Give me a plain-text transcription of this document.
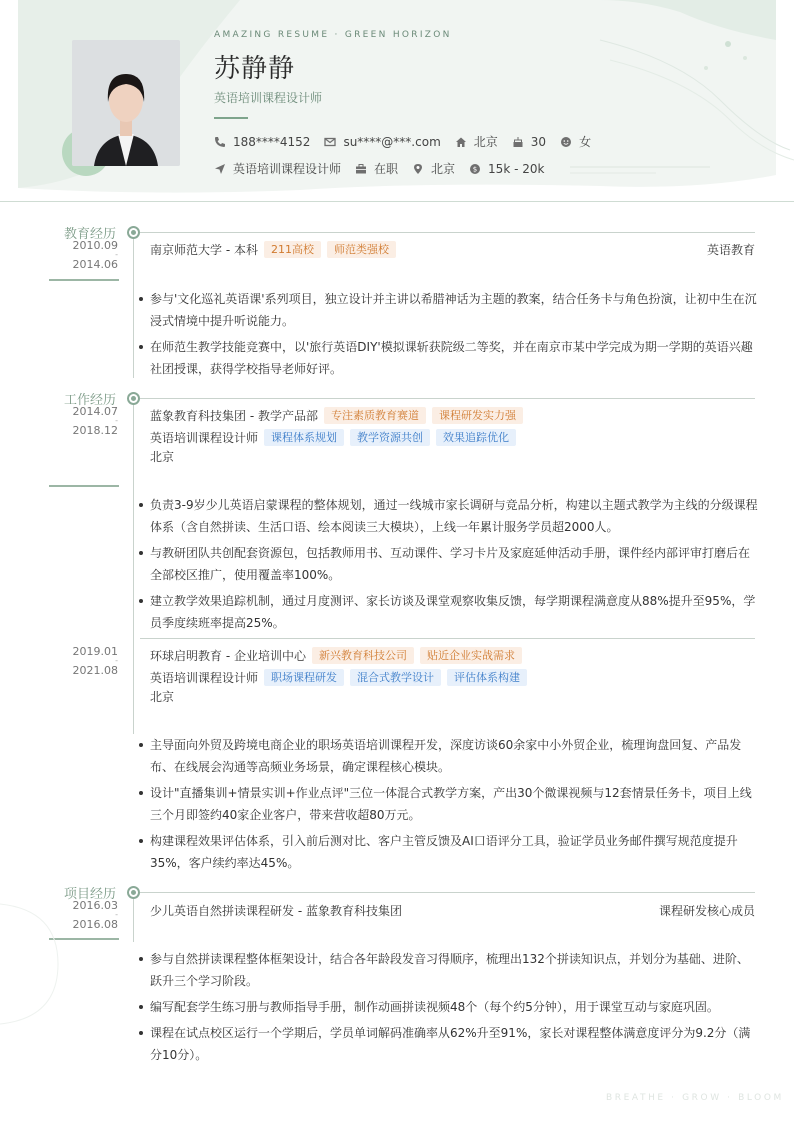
AMAZING RESUME · GREEN HORIZON
苏静静
英语培训课程设计师
188****4152	su****@***.com	北京	30	女
英语培训课程设计师	在职	北京	$ 15k - 20k
教育经历
2010.09
-
2014.06
南京师范大学 - 本科	211高校	师范类强校	英语教育
参与'文化巡礼英语课'系列项目，独立设计并主讲以希腊神话为主题的教案，结合任务卡与角色扮演，让初中生在沉浸式情境中提升听说能力。
在师范生教学技能竞赛中，以'旅行英语DIY'模拟课斩获院级二等奖，并在南京市某中学完成为期一学期的英语兴趣社团授课，获得学校指导老师好评。
工作经历
2014.07
-
2018.12
蓝象教育科技集团 - 教学产品部	专注素质教育赛道	课程研发实力强
英语培训课程设计师	课程体系规划	教学资源共创	效果追踪优化
北京
负责3-9岁少儿英语启蒙课程的整体规划，通过一线城市家长调研与竞品分析，构建以主题式教学为主线的分级课程体系（含自然拼读、生活口语、绘本阅读三大模块），上线一年累计服务学员超2000人。
与教研团队共创配套资源包，包括教师用书、互动课件、学习卡片及家庭延伸活动手册，课件经内部评审打磨后在全部校区推广，使用覆盖率100%。
建立教学效果追踪机制，通过月度测评、家长访谈及课堂观察收集反馈，每学期课程满意度从88%提升至95%，学员季度续班率提高25%。
2019.01
-
2021.08
环球启明教育 - 企业培训中心	新兴教育科技公司	贴近企业实战需求
英语培训课程设计师	职场课程研发	混合式教学设计	评估体系构建
北京
主导面向外贸及跨境电商企业的职场英语培训课程开发，深度访谈60余家中小外贸企业，梳理询盘回复、产品发布、在线展会沟通等高频业务场景，确定课程核心模块。
设计"直播集训+情景实训+作业点评"三位一体混合式教学方案，产出30个微课视频与12套情景任务卡，项目上线三个月即签约40家企业客户，带来营收超80万元。
构建课程效果评估体系，引入前后测对比、客户主管反馈及AI口语评分工具，验证学员业务邮件撰写规范度提升35%，客户续约率达45%。
项目经历
2016.03
-
2016.08
少儿英语自然拼读课程研发 - 蓝象教育科技集团	课程研发核心成员
参与自然拼读课程整体框架设计，结合各年龄段发音习得顺序，梳理出132个拼读知识点，并划分为基础、进阶、跃升三个学习阶段。
编写配套学生练习册与教师指导手册，制作动画拼读视频48个（每个约5分钟），用于课堂互动与家庭巩固。
课程在试点校区运行一个学期后，学员单词解码准确率从62%升至91%，家长对课程整体满意度评分为9.2分（满分10分）。
BREATHE · GROW · BLOOM
